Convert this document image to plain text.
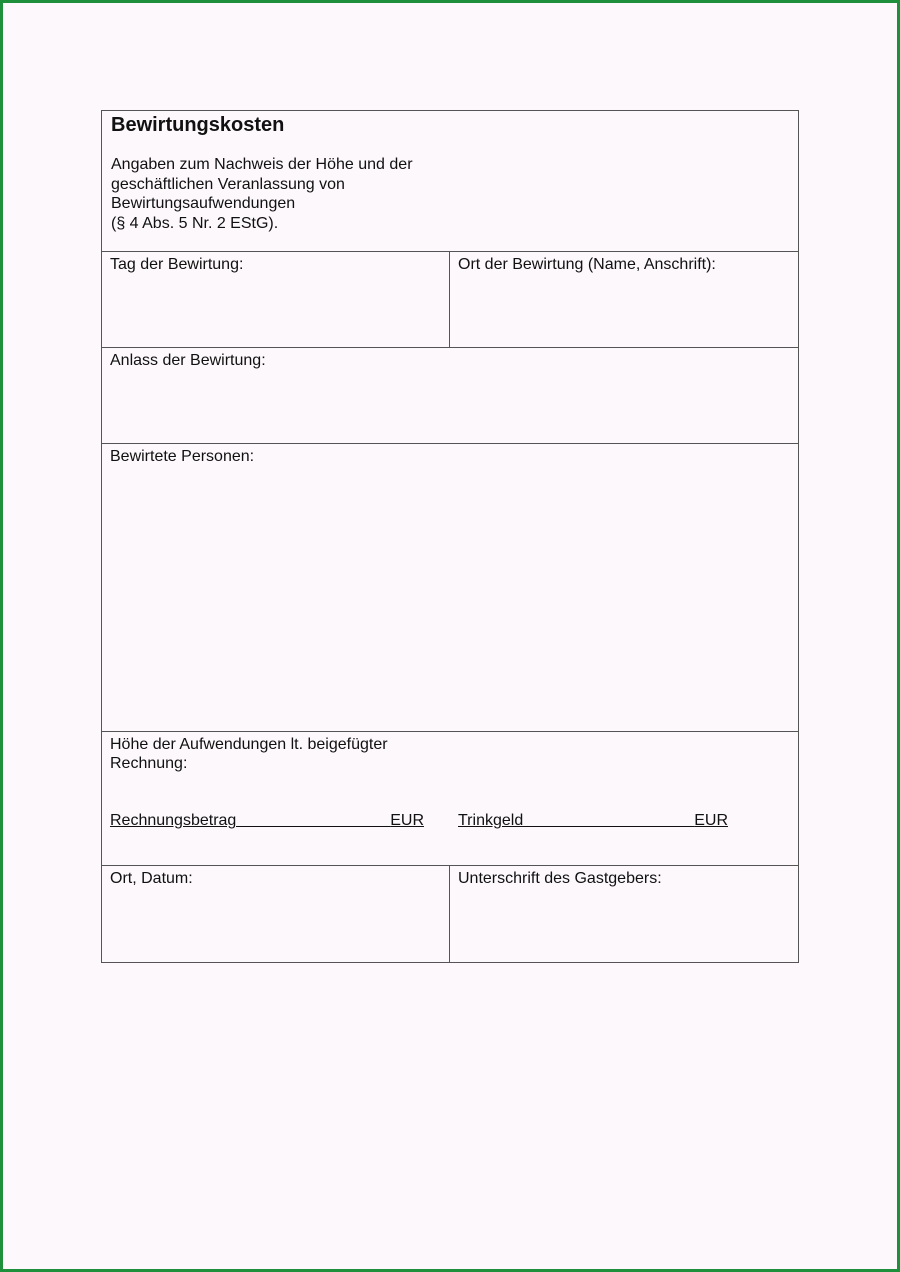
Bewirtungskosten
Angaben zum Nachweis der Höhe und der
geschäftlichen Veranlassung von
Bewirtungsaufwendungen
(§ 4 Abs. 5 Nr. 2 EStG).
Tag der Bewirtung:	Ort der Bewirtung (Name, Anschrift):
Anlass der Bewirtung:
Bewirtete Personen:
Höhe der Aufwendungen lt. beigefügter
Rechnung:
Rechnungsbetrag	EUR Trinkgeld	EUR
Ort, Datum:	Unterschrift des Gastgebers:
